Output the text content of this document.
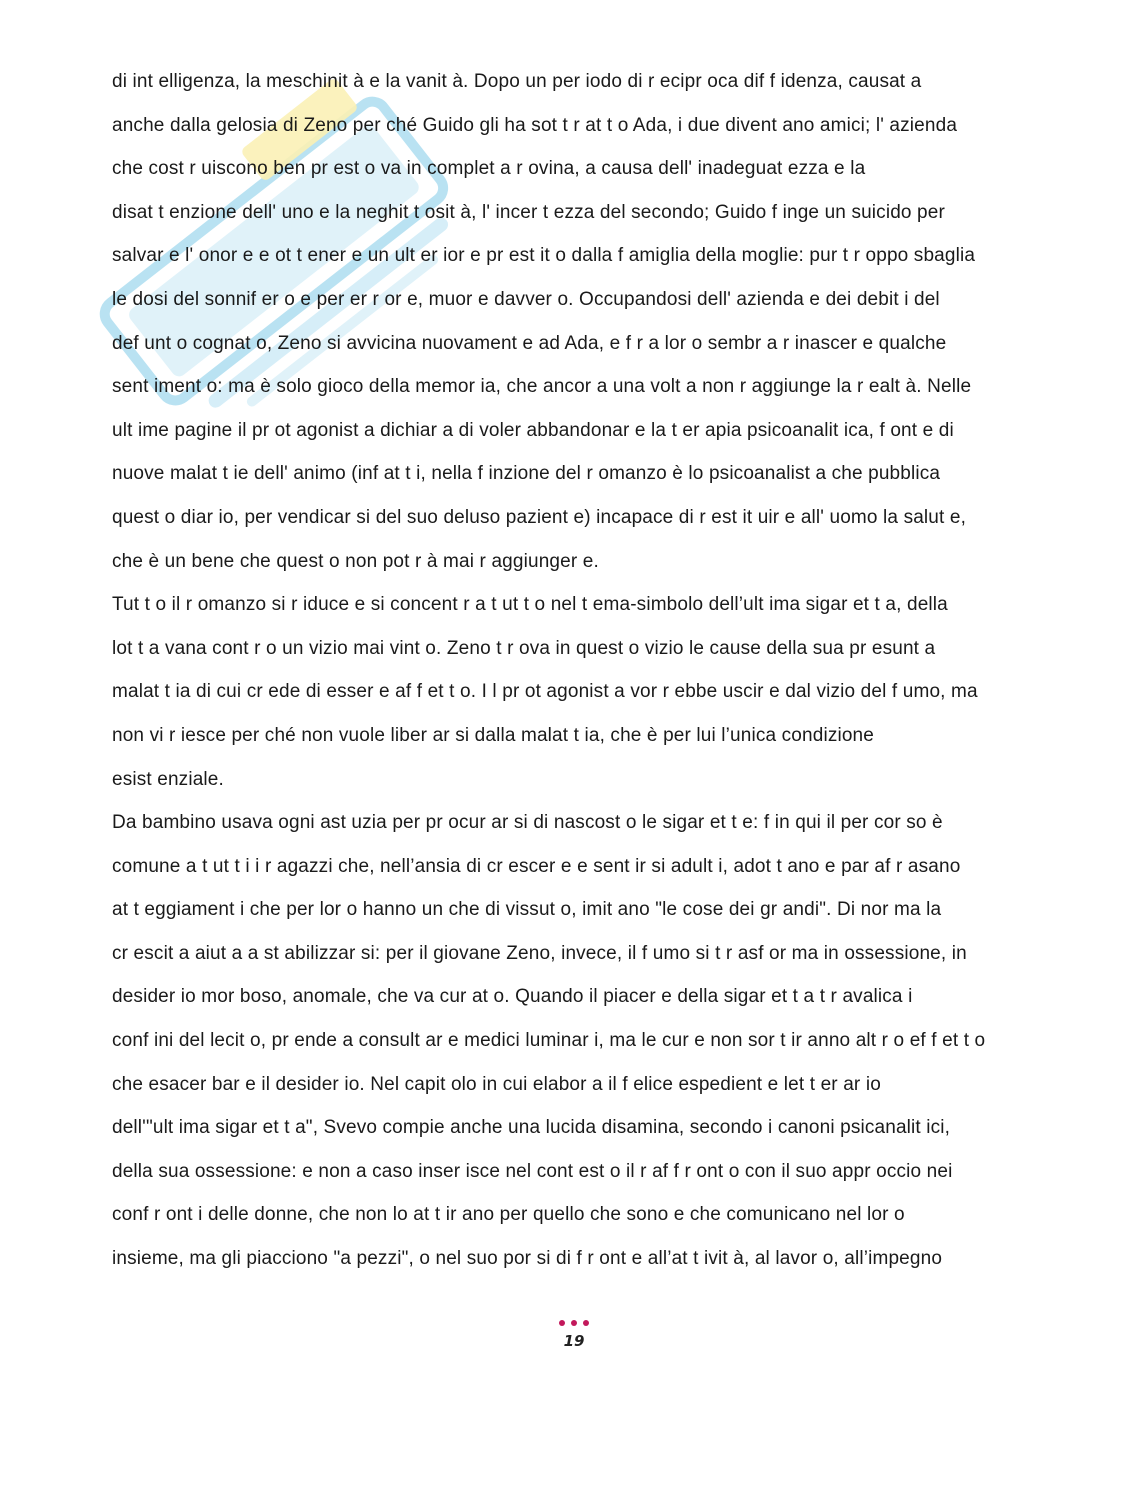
di int elligenza, la meschinit à e la vanit à. Dopo un per iodo di r ecipr oca dif f idenza, causat a
anche dalla gelosia di Zeno per ché Guido gli ha sot t r at t o Ada, i due divent ano amici; l' azienda
che cost r uiscono ben pr est o va in complet a r ovina, a causa dell' inadeguat ezza e la
disat t enzione dell' uno e la neghit t osit à, l' incer t ezza del secondo; Guido f inge un suicido per
salvar e l' onor e e ot t ener e un ult er ior e pr est it o dalla f amiglia della moglie: pur t r oppo sbaglia
le dosi del sonnif er o e per er r or e, muor e davver o. Occupandosi dell' azienda e dei debit i del
def unt o cognat o, Zeno si avvicina nuovament e ad Ada, e f r a lor o sembr a r inascer e qualche
sent iment o: ma è solo gioco della memor ia, che ancor a una volt a non r aggiunge la r ealt à. Nelle
ult ime pagine il pr ot agonist a dichiar a di voler abbandonar e la t er apia psicoanalit ica, f ont e di
nuove malat t ie dell' animo (inf at t i, nella f inzione del r omanzo è lo psicoanalist a che pubblica
quest o diar io, per vendicar si del suo deluso pazient e) incapace di r est it uir e all' uomo la salut e,
che è un bene che quest o non pot r à mai r aggiunger e.
Tut t o il r omanzo si r iduce e si concent r a t ut t o nel t ema-simbolo dell’ult ima sigar et t a, della
lot t a vana cont r o un vizio mai vint o. Zeno t r ova in quest o vizio le cause della sua pr esunt a
malat t ia di cui cr ede di esser e af f et t o. I l pr ot agonist a vor r ebbe uscir e dal vizio del f umo, ma
non vi r iesce per ché non vuole liber ar si dalla malat t ia, che è per lui l’unica condizione
esist enziale.
Da bambino usava ogni ast uzia per pr ocur ar si di nascost o le sigar et t e: f in qui il per cor so è
comune a t ut t i i r agazzi che, nell’ansia di cr escer e e sent ir si adult i, adot t ano e par af r asano
at t eggiament i che per lor o hanno un che di vissut o, imit ano "le cose dei gr andi". Di nor ma la
cr escit a aiut a a st abilizzar si: per il giovane Zeno, invece, il f umo si t r asf or ma in ossessione, in
desider io mor boso, anomale, che va cur at o. Quando il piacer e della sigar et t a t r avalica i
conf ini del lecit o, pr ende a consult ar e medici luminar i, ma le cur e non sor t ir anno alt r o ef f et t o
che esacer bar e il desider io. Nel capit olo in cui elabor a il f elice espedient e let t er ar io
dell'"ult ima sigar et t a", Svevo compie anche una lucida disamina, secondo i canoni psicanalit ici,
della sua ossessione: e non a caso inser isce nel cont est o il r af f r ont o con il suo appr occio nei
conf r ont i delle donne, che non lo at t ir ano per quello che sono e che comunicano nel lor o
insieme, ma gli piacciono "a pezzi", o nel suo por si di f r ont e all’at t ivit à, al lavor o, all’impegno
19
